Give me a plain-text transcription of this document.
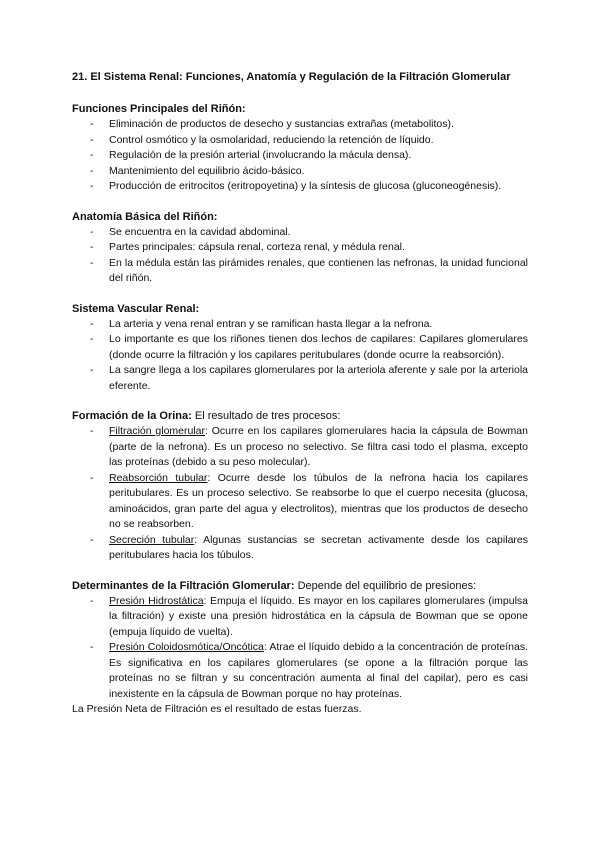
21. El Sistema Renal: Funciones, Anatomía y Regulación de la Filtración Glomerular

Funciones Principales del Riñón:

- Eliminación de productos de desecho y sustancias extrañas (metabolitos).
- Control osmótico y la osmolaridad, reduciendo la retención de líquido.
- Regulación de la presión arterial (involucrando la mácula densa).
- Mantenimiento del equilibrio ácido-básico.
- Producción de eritrocitos (eritropoyetina) y la síntesis de glucosa (gluconeogénesis).

Anatomía Básica del Riñón:

- Se encuentra en la cavidad abdominal.
- Partes principales: cápsula renal, corteza renal, y médula renal.
- En la médula están las pirámides renales, que contienen las nefronas, la unidad funcional del riñón.

Sistema Vascular Renal:

- La arteria y vena renal entran y se ramifican hasta llegar a la nefrona.
- Lo importante es que los riñones tienen dos lechos de capilares: Capilares glomerulares (donde ocurre la filtración y los capilares peritubulares (donde ocurre la reabsorción).
- La sangre llega a los capilares glomerulares por la arteriola aferente y sale por la arteriola eferente.

Formación de la Orina: El resultado de tres procesos:

- Filtración glomerular: Ocurre en los capilares glomerulares hacia la cápsula de Bowman (parte de la nefrona). Es un proceso no selectivo. Se filtra casi todo el plasma, excepto las proteínas (debido a su peso molecular).
- Reabsorción tubular: Ocurre desde los túbulos de la nefrona hacia los capilares peritubulares. Es un proceso selectivo. Se reabsorbe lo que el cuerpo necesita (glucosa, aminoácidos, gran parte del agua y electrolitos), mientras que los productos de desecho no se reabsorben.
- Secreción tubular: Algunas sustancias se secretan activamente desde los capilares peritubulares hacia los túbulos.

Determinantes de la Filtración Glomerular: Depende del equilibrio de presiones:

- Presión Hidrostática: Empuja el líquido. Es mayor en los capilares glomerulares (impulsa la filtración) y existe una presión hidrostática en la cápsula de Bowman que se opone (empuja líquido de vuelta).
- Presión Coloidosmótica/Oncótica: Atrae el líquido debido a la concentración de proteínas. Es significativa en los capilares glomerulares (se opone a la filtración porque las proteínas no se filtran y su concentración aumenta al final del capilar), pero es casi inexistente en la cápsula de Bowman porque no hay proteínas.

La Presión Neta de Filtración es el resultado de estas fuerzas.
